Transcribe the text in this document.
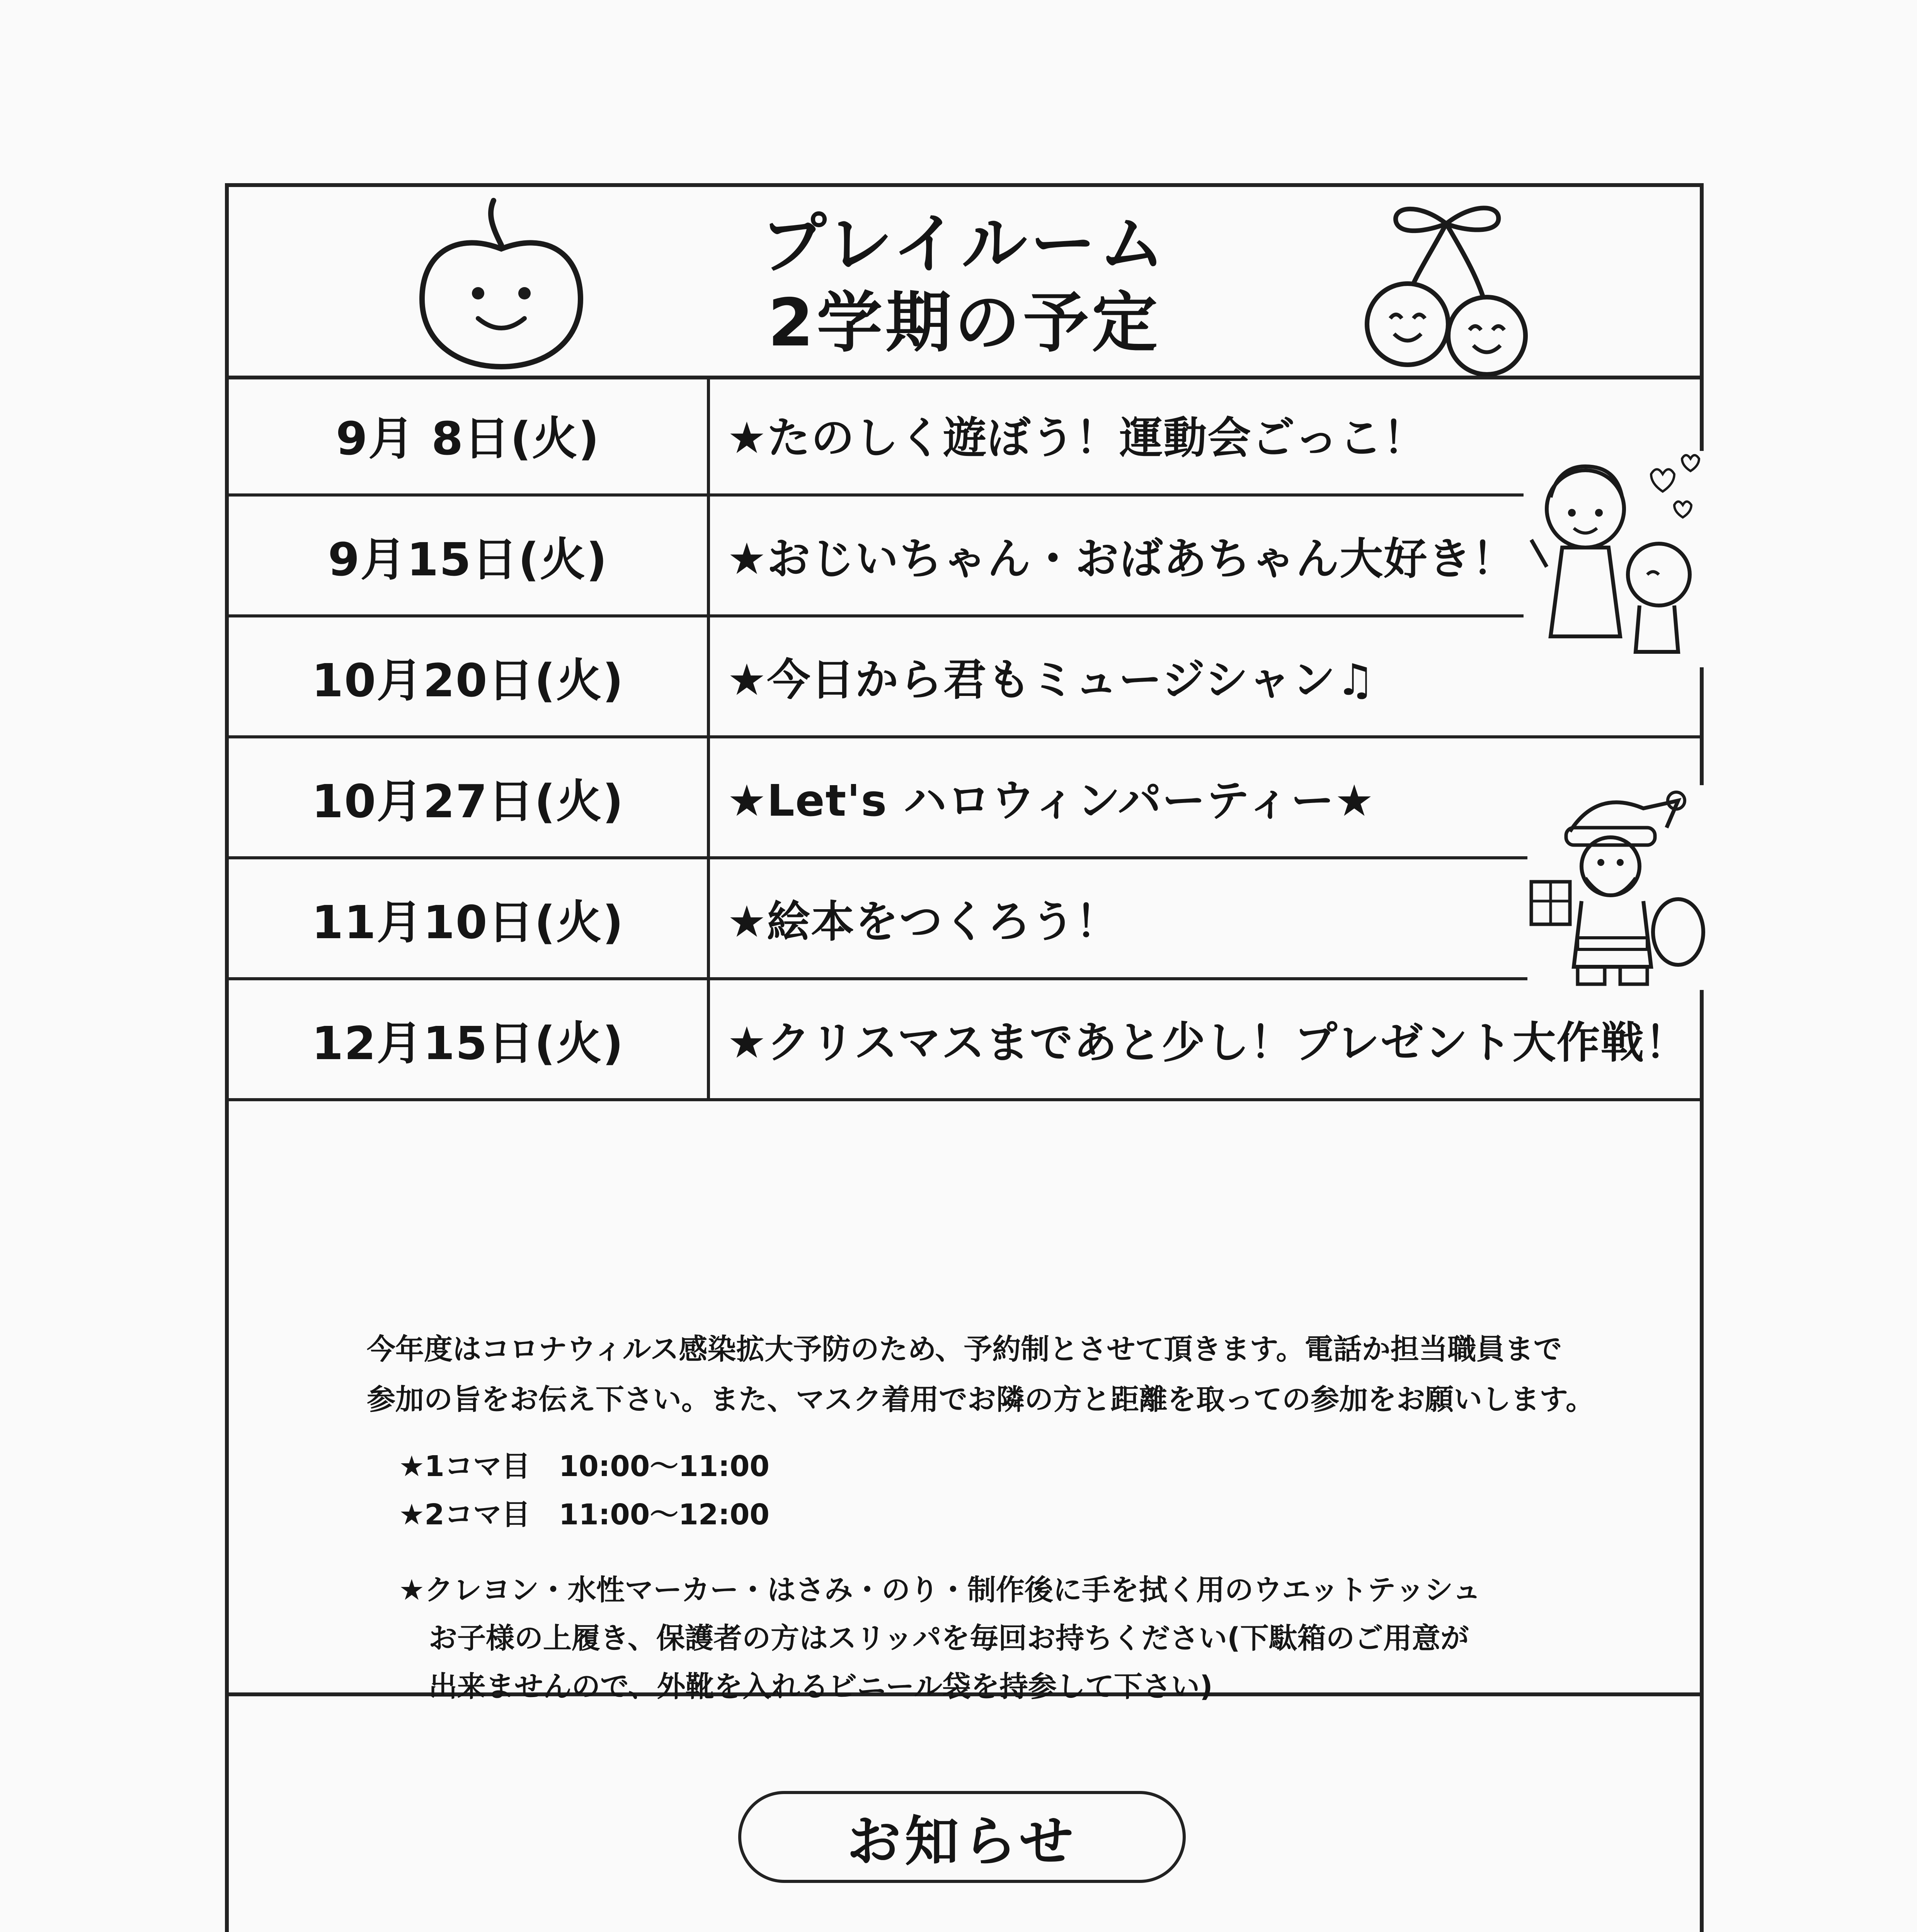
プレイルーム
2学期の予定
9月 8日(火)	★たのしく遊ぼう！運動会ごっこ！
9月15日(火)	★おじいちゃん・おばあちゃん大好き！
10月20日(火)	★今日から君もミュージシャン♫
10月27日(火)	★Let's ハロウィンパーティー★
11月10日(火)	★絵本をつくろう！
12月15日(火)	★クリスマスまであと少し！プレゼント大作戦！

今年度はコロナウィルス感染拡大予防のため、予約制とさせて頂きます。電話か担当職員まで

参加の旨をお伝え下さい。また、マスク着用でお隣の方と距離を取っての参加をお願いします。

★1コマ目　10:00～11:00

★2コマ目　11:00～12:00

★クレヨン・水性マーカー・はさみ・のり・制作後に手を拭く用のウエットテッシュ

お子様の上履き、保護者の方はスリッパを毎回お持ちください(下駄箱のご用意が

出来ませんので、外靴を入れるビニール袋を持参して下さい)

お知らせ
